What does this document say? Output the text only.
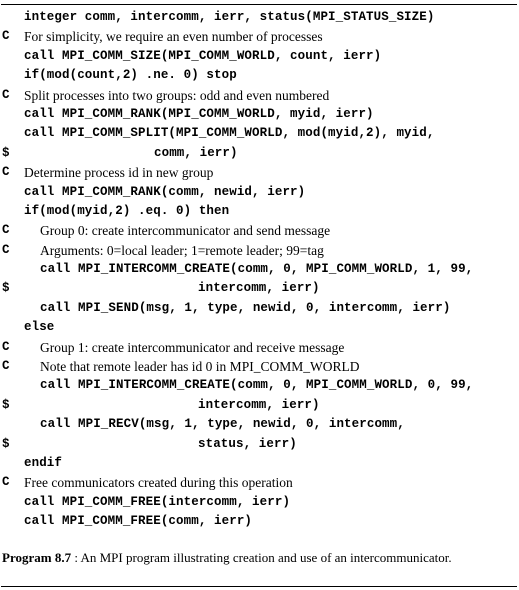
integer comm, intercomm, ierr, status(MPI_STATUS_SIZE)
C	For simplicity, we require an even number of processes
call MPI_COMM_SIZE(MPI_COMM_WORLD, count, ierr)
if(mod(count,2) .ne. 0) stop
C	Split processes into two groups: odd and even numbered
call MPI_COMM_RANK(MPI_COMM_WORLD, myid, ierr)
call MPI_COMM_SPLIT(MPI_COMM_WORLD, mod(myid,2), myid,
$	comm, ierr)
C	Determine process id in new group
call MPI_COMM_RANK(comm, newid, ierr)
if(mod(myid,2) .eq. 0) then
C	Group 0: create intercommunicator and send message
C	Arguments: 0=local leader; 1=remote leader; 99=tag
call MPI_INTERCOMM_CREATE(comm, 0, MPI_COMM_WORLD, 1, 99,
$	intercomm, ierr)
call MPI_SEND(msg, 1, type, newid, 0, intercomm, ierr)
else
C	Group 1: create intercommunicator and receive message
C	Note that remote leader has id 0 in MPI_COMM_WORLD
call MPI_INTERCOMM_CREATE(comm, 0, MPI_COMM_WORLD, 0, 99,
$	intercomm, ierr)
call MPI_RECV(msg, 1, type, newid, 0, intercomm,
$	status, ierr)
endif
C	Free communicators created during this operation
call MPI_COMM_FREE(intercomm, ierr)
call MPI_COMM_FREE(comm, ierr)
Program 8.7 : An MPI program illustrating creation and use of an intercommunicator.
